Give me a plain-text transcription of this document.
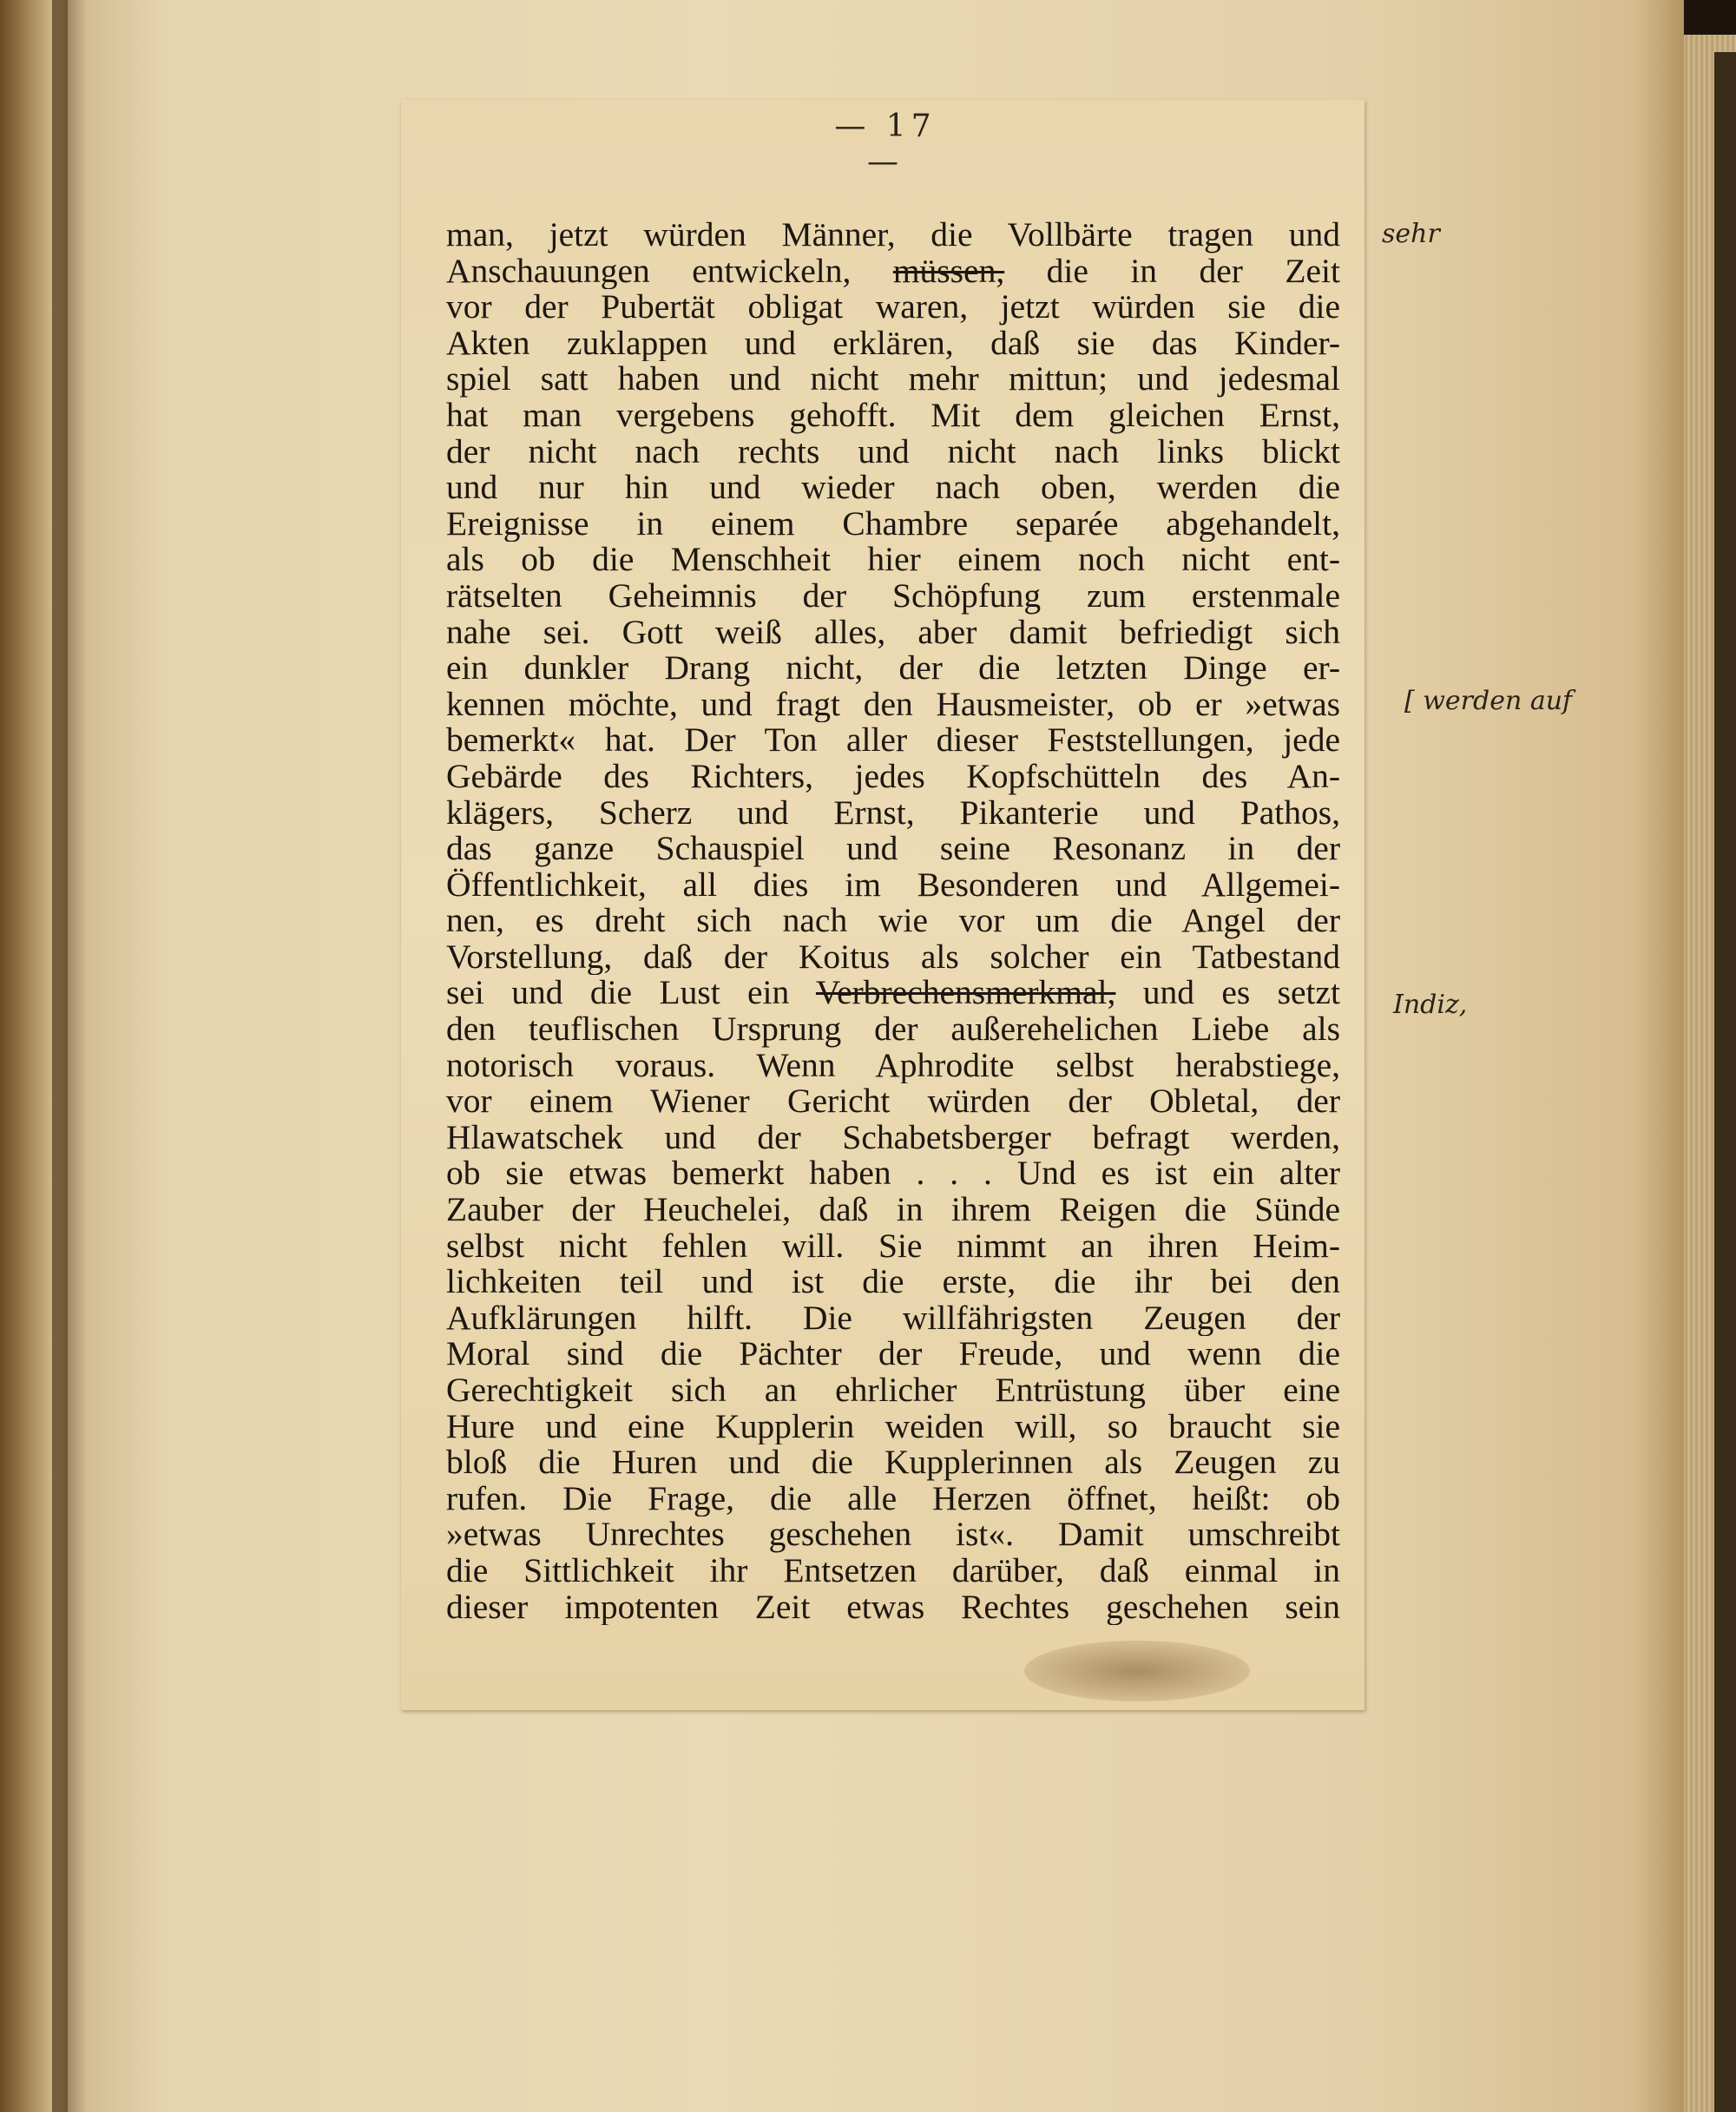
— 17 —
man, jetzt würden Männer, die Vollbärte tragen und
Anschauungen entwickeln, müssen, die in der Zeit
vor der Pubertät obligat waren, jetzt würden sie die
Akten zuklappen und erklären, daß sie das Kinder-
spiel satt haben und nicht mehr mittun; und jedesmal
hat man vergebens gehofft. Mit dem gleichen Ernst,
der nicht nach rechts und nicht nach links blickt
und nur hin und wieder nach oben, werden die
Ereignisse in einem Chambre separée abgehandelt,
als ob die Menschheit hier einem noch nicht ent-
rätselten Geheimnis der Schöpfung zum erstenmale
nahe sei. Gott weiß alles, aber damit befriedigt sich
ein dunkler Drang nicht, der die letzten Dinge er-
kennen möchte, und fragt den Hausmeister, ob er »etwas
bemerkt« hat. Der Ton aller dieser Feststellungen, jede
Gebärde des Richters, jedes Kopfschütteln des An-
klägers, Scherz und Ernst, Pikanterie und Pathos,
das ganze Schauspiel und seine Resonanz in der
Öffentlichkeit, all dies im Besonderen und Allgemei-
nen, es dreht sich nach wie vor um die Angel der
Vorstellung, daß der Koitus als solcher ein Tatbestand
sei und die Lust ein Verbrechensmerkmal, und es setzt
den teuflischen Ursprung der außerehelichen Liebe als
notorisch voraus. Wenn Aphrodite selbst herabstiege,
vor einem Wiener Gericht würden der Obletal, der
Hlawatschek und der Schabetsberger befragt werden,
ob sie etwas bemerkt haben . . . Und es ist ein alter
Zauber der Heuchelei, daß in ihrem Reigen die Sünde
selbst nicht fehlen will. Sie nimmt an ihren Heim-
lichkeiten teil und ist die erste, die ihr bei den
Aufklärungen hilft. Die willfährigsten Zeugen der
Moral sind die Pächter der Freude, und wenn die
Gerechtigkeit sich an ehrlicher Entrüstung über eine
Hure und eine Kupplerin weiden will, so braucht sie
bloß die Huren und die Kupplerinnen als Zeugen zu
rufen. Die Frage, die alle Herzen öffnet, heißt: ob
»etwas Unrechtes geschehen ist«. Damit umschreibt
die Sittlichkeit ihr Entsetzen darüber, daß einmal in
dieser impotenten Zeit etwas Rechtes geschehen sein
sehr
[ werden auf
Indiz,
